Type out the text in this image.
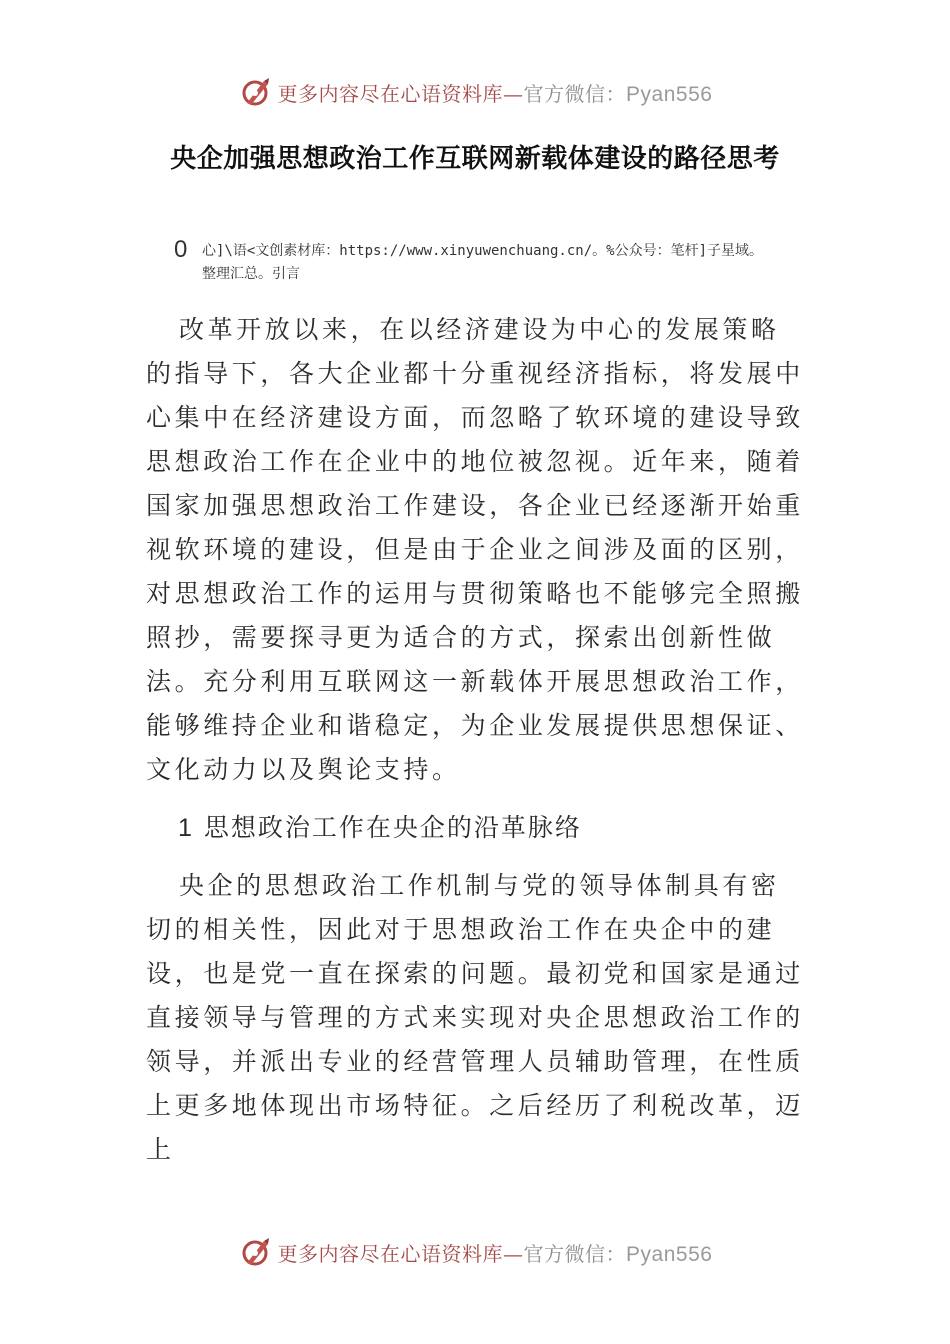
更多内容尽在心语资料库—官方微信：Pyan556
央企加强思想政治工作互联网新载体建设的路径思考
0 心]\语<文创素材库：https://www.xinyuwenchuang.cn/。%公众号：笔杆]子星域。
整理汇总。引言

改革开放以来，在以经济建设为中心的发展策略的指导下，各大企业都十分重视经济指标，将发展中心集中在经济建设方面，而忽略了软环境的建设导致思想政治工作在企业中的地位被忽视。近年来，随着国家加强思想政治工作建设，各企业已经逐渐开始重视软环境的建设，但是由于企业之间涉及面的区别，对思想政治工作的运用与贯彻策略也不能够完全照搬照抄，需要探寻更为适合的方式，探索出创新性做法。充分利用互联网这一新载体开展思想政治工作，能够维持企业和谐稳定，为企业发展提供思想保证、文化动力以及舆论支持。

1 思想政治工作在央企的沿革脉络

央企的思想政治工作机制与党的领导体制具有密切的相关性，因此对于思想政治工作在央企中的建设，也是党一直在探索的问题。最初党和国家是通过直接领导与管理的方式来实现对央企思想政治工作的领导，并派出专业的经营管理人员辅助管理，在性质上更多地体现出市场特征。之后经历了利税改革，迈上

更多内容尽在心语资料库—官方微信：Pyan556
